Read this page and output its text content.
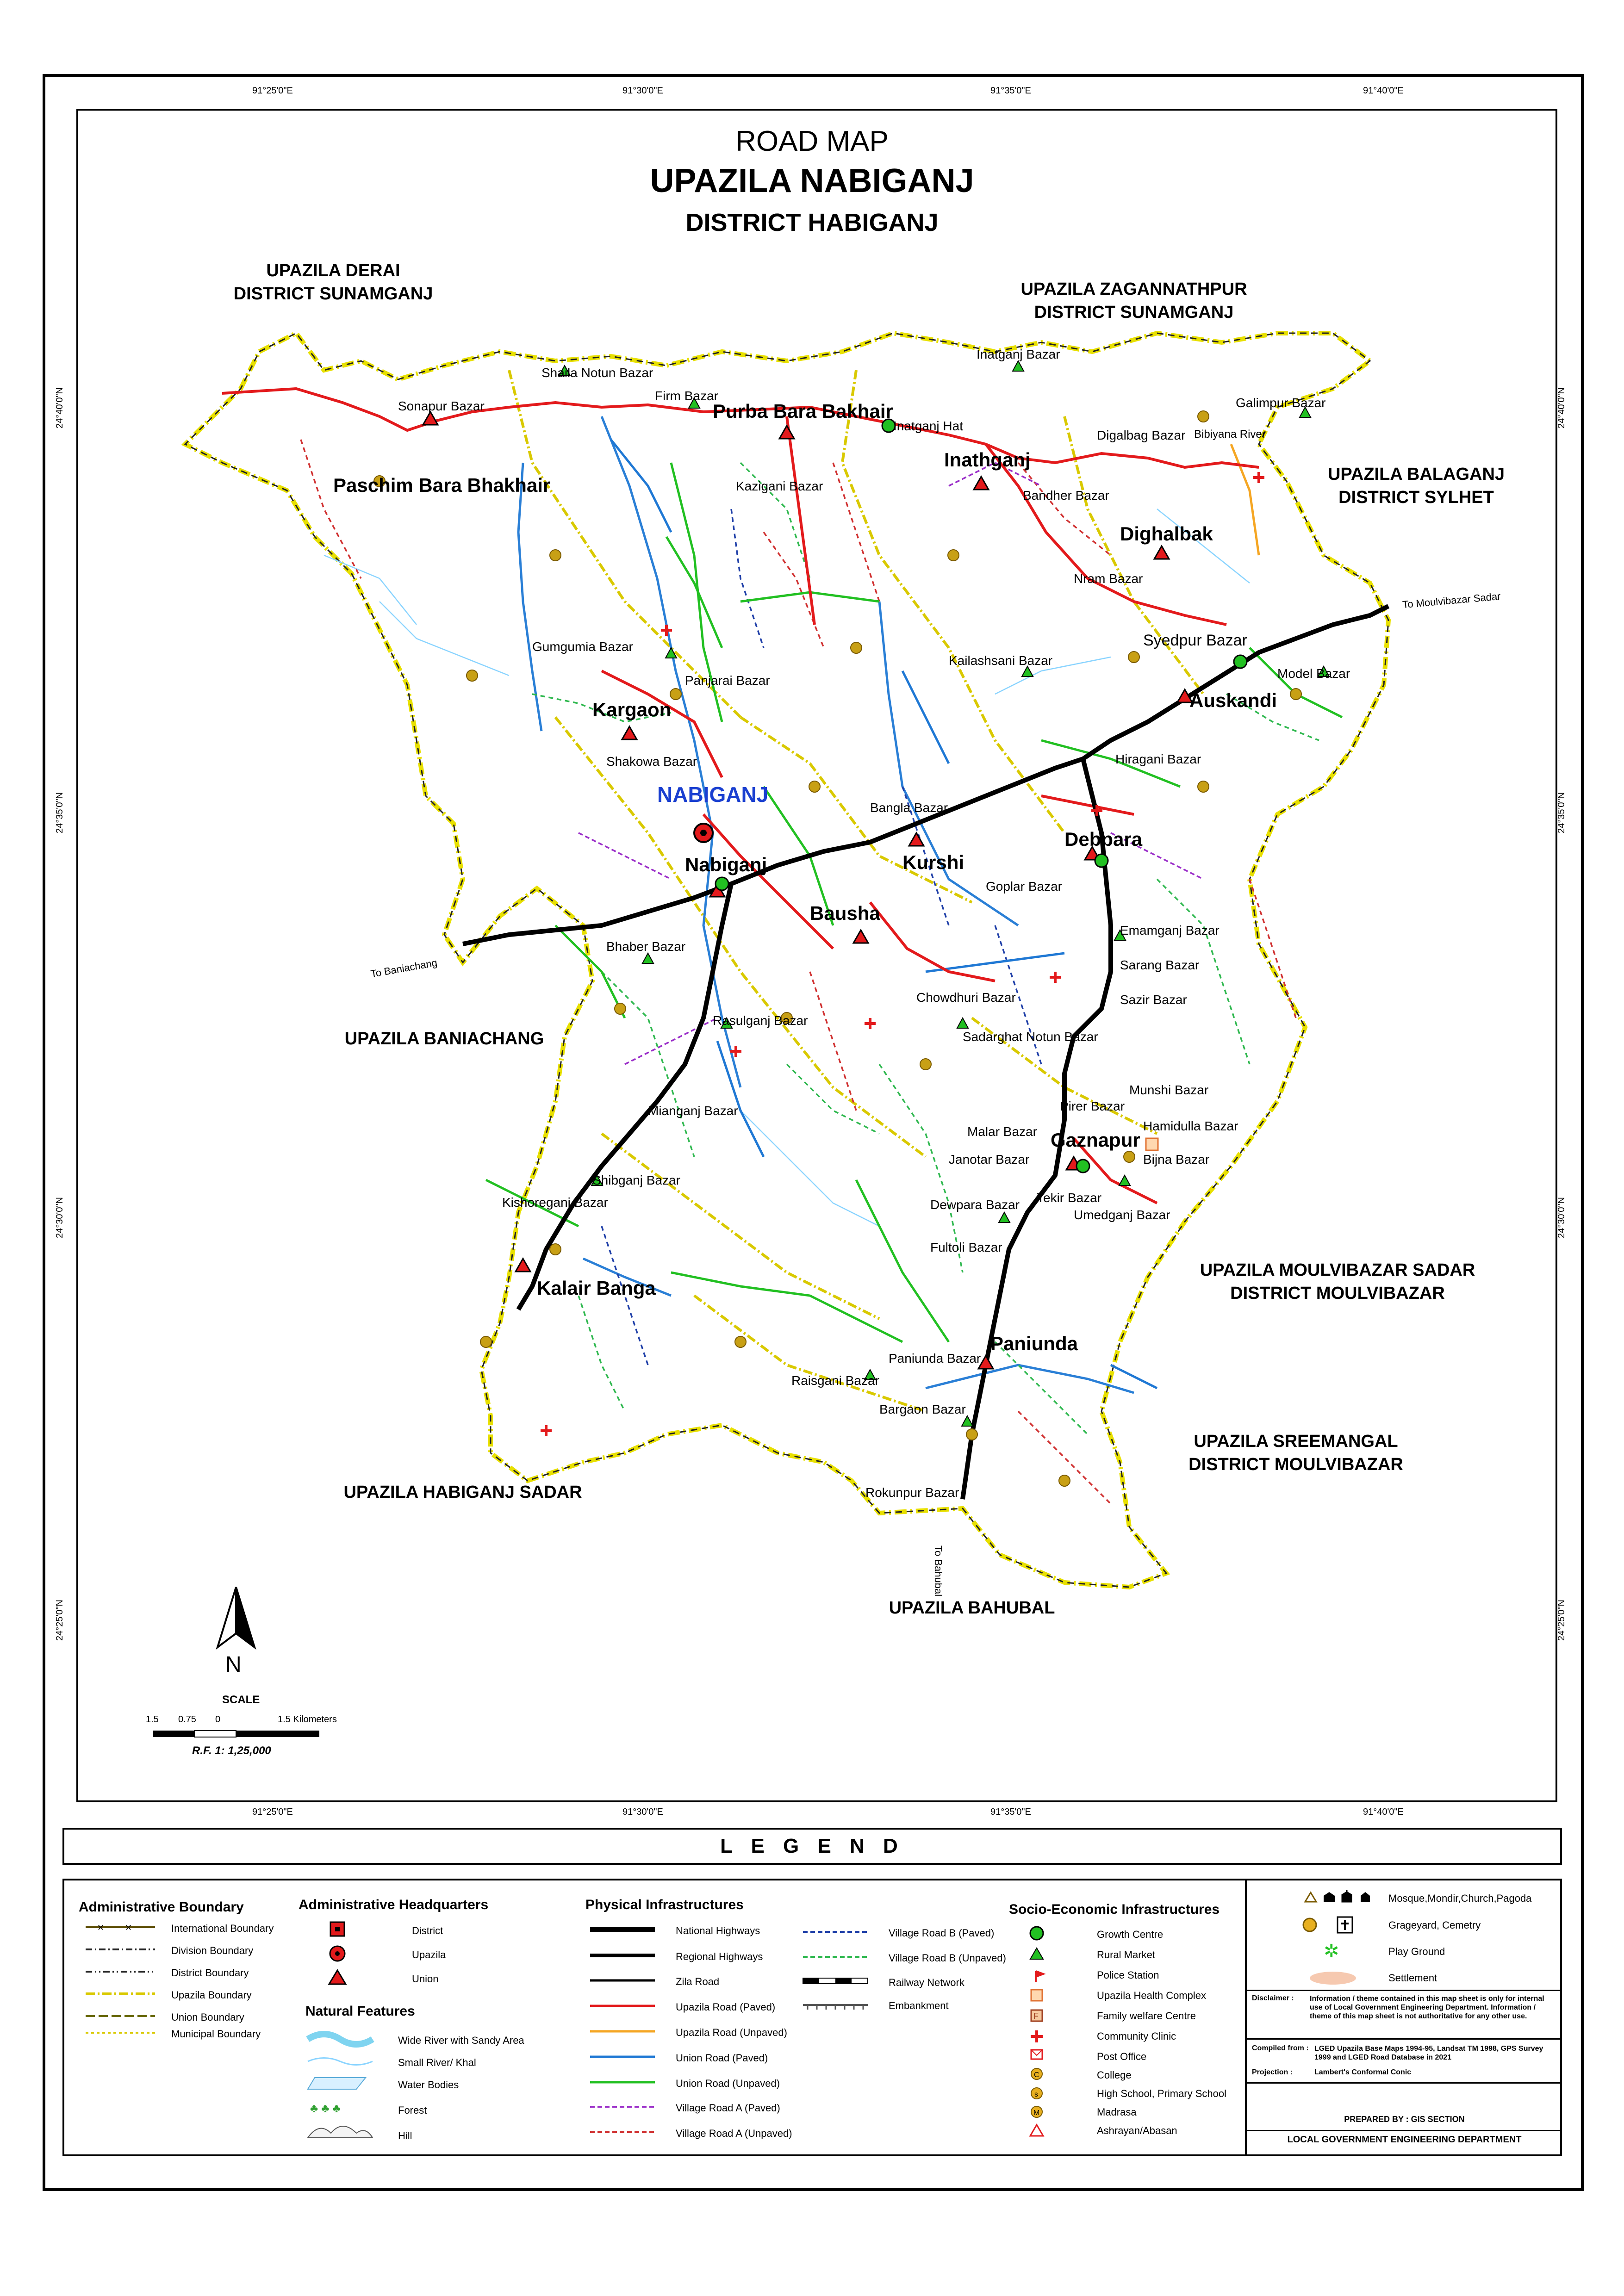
91°25'0"E	91°30'0"E	91°35'0"E	91°40'0"E
91°25'0"E	91°30'0"E	91°35'0"E	91°40'0"E
24°40'0"N
24°35'0"N
24°30'0"N
24°25'0"N
24°40'0"N
24°35'0"N
24°30'0"N
24°25'0"N
ROAD MAP
UPAZILA NABIGANJ
DISTRICT HABIGANJ
UPAZILA DERAI
DISTRICT SUNAMGANJ	UPAZILA ZAGANNATHPUR
DISTRICT SUNAMGANJ
UPAZILA BALAGANJ
DISTRICT SYLHET
UPAZILA BANIACHANG
UPAZILA MOULVIBAZAR SADAR
DISTRICT MOULVIBAZAR
UPAZILA SREEMANGAL
DISTRICT MOULVIBAZAR
UPAZILA HABIGANJ SADAR
UPAZILA BAHUBAL
Purba Bara Bakhair
Paschim Bara Bhakhair
Inathganj
Dighalbak
Syedpur Bazar
Auskandi
Kargaon
NABIGANJ
Nabiganj	Kurshi
Debpara
Bausha
Gaznapur
Kalair Banga
Paniunda
Shaila Notun Bazar
Firm Bazar
Sonapur Bazar
Inatganj Bazar
Galimpur Bazar
Inatganj Hat
Digalbag Bazar Bibiyana River
Bandher Bazar
Kazigani Bazar
Nram Bazar
Gumgumia Bazar
Panjarai Bazar
Kailashsani Bazar
Model Bazar
Shakowa Bazar	Hiragani Bazar
Bangla Bazar
Goplar Bazar
Emamganj Bazar
Bhaber Bazar
Sarang Bazar
Chowdhuri Bazar	Sazir Bazar
Rasulganj Bazar
Sadarghat Notun Bazar
Munshi Bazar
Pirer Bazar
Hamidulla Bazar
Mianganj Bazar
Malar Bazar
Janotar Bazar	Bijna Bazar
Shibganj Bazar
Kishoreganj Bazar	Dewpara Bazar Tekir Bazar
Umedganj Bazar
Fultoli Bazar
Raisgani Bazar
Paniunda Bazar
Bargaon Bazar
Rokunpur Bazar
To Moulvibazar Sadar
To Baniachang
To Bahubal
N
SCALE
1.5 0.75 0	1.5 Kilometers
R.F. 1: 1,25,000
L E G E N D
Administrative Boundary
✕ ✕	International Boundary
Division Boundary
District Boundary
Upazila Boundary
Union Boundary
Municipal Boundary
Administrative Headquarters
District
Upazila
Union
Natural Features
♣ ♣ ♣
Wide River with Sandy Area
Small River/ Khal
Water Bodies
Forest
Hill
Physical Infrastructures
National Highways
Regional Highways
Zila Road
Upazila Road (Paved)
Upazila Road (Unpaved)
Union Road (Paved)
Union Road (Unpaved)
Village Road A (Paved)
Village Road A (Unpaved)
Village Road B (Paved)
Village Road B (Unpaved)
Railway Network
Embankment
Socio-Economic Infrastructures
F
C
s
M
Growth Centre
Rural Market
Police Station
Upazila Health Complex
Family welfare Centre
Community Clinic
Post Office
College
High School, Primary School
Madrasa
Ashrayan/Abasan
✲
Mosque,Mondir,Church,Pagoda
Grageyard, Cemetry
Play Ground
Settlement
Disclaimer : Information / theme contained in this map sheet is only for internal use of Local Government Engineering Department. Information / theme of this map sheet is not authoritative for any other use.
Compiled from : LGED Upazila Base Maps 1994-95, Landsat TM 1998, GPS Survey 1999 and LGED Road Database in 2021
Projection :	Lambert's Conformal Conic
PREPARED BY : GIS SECTION
LOCAL GOVERNMENT ENGINEERING DEPARTMENT
